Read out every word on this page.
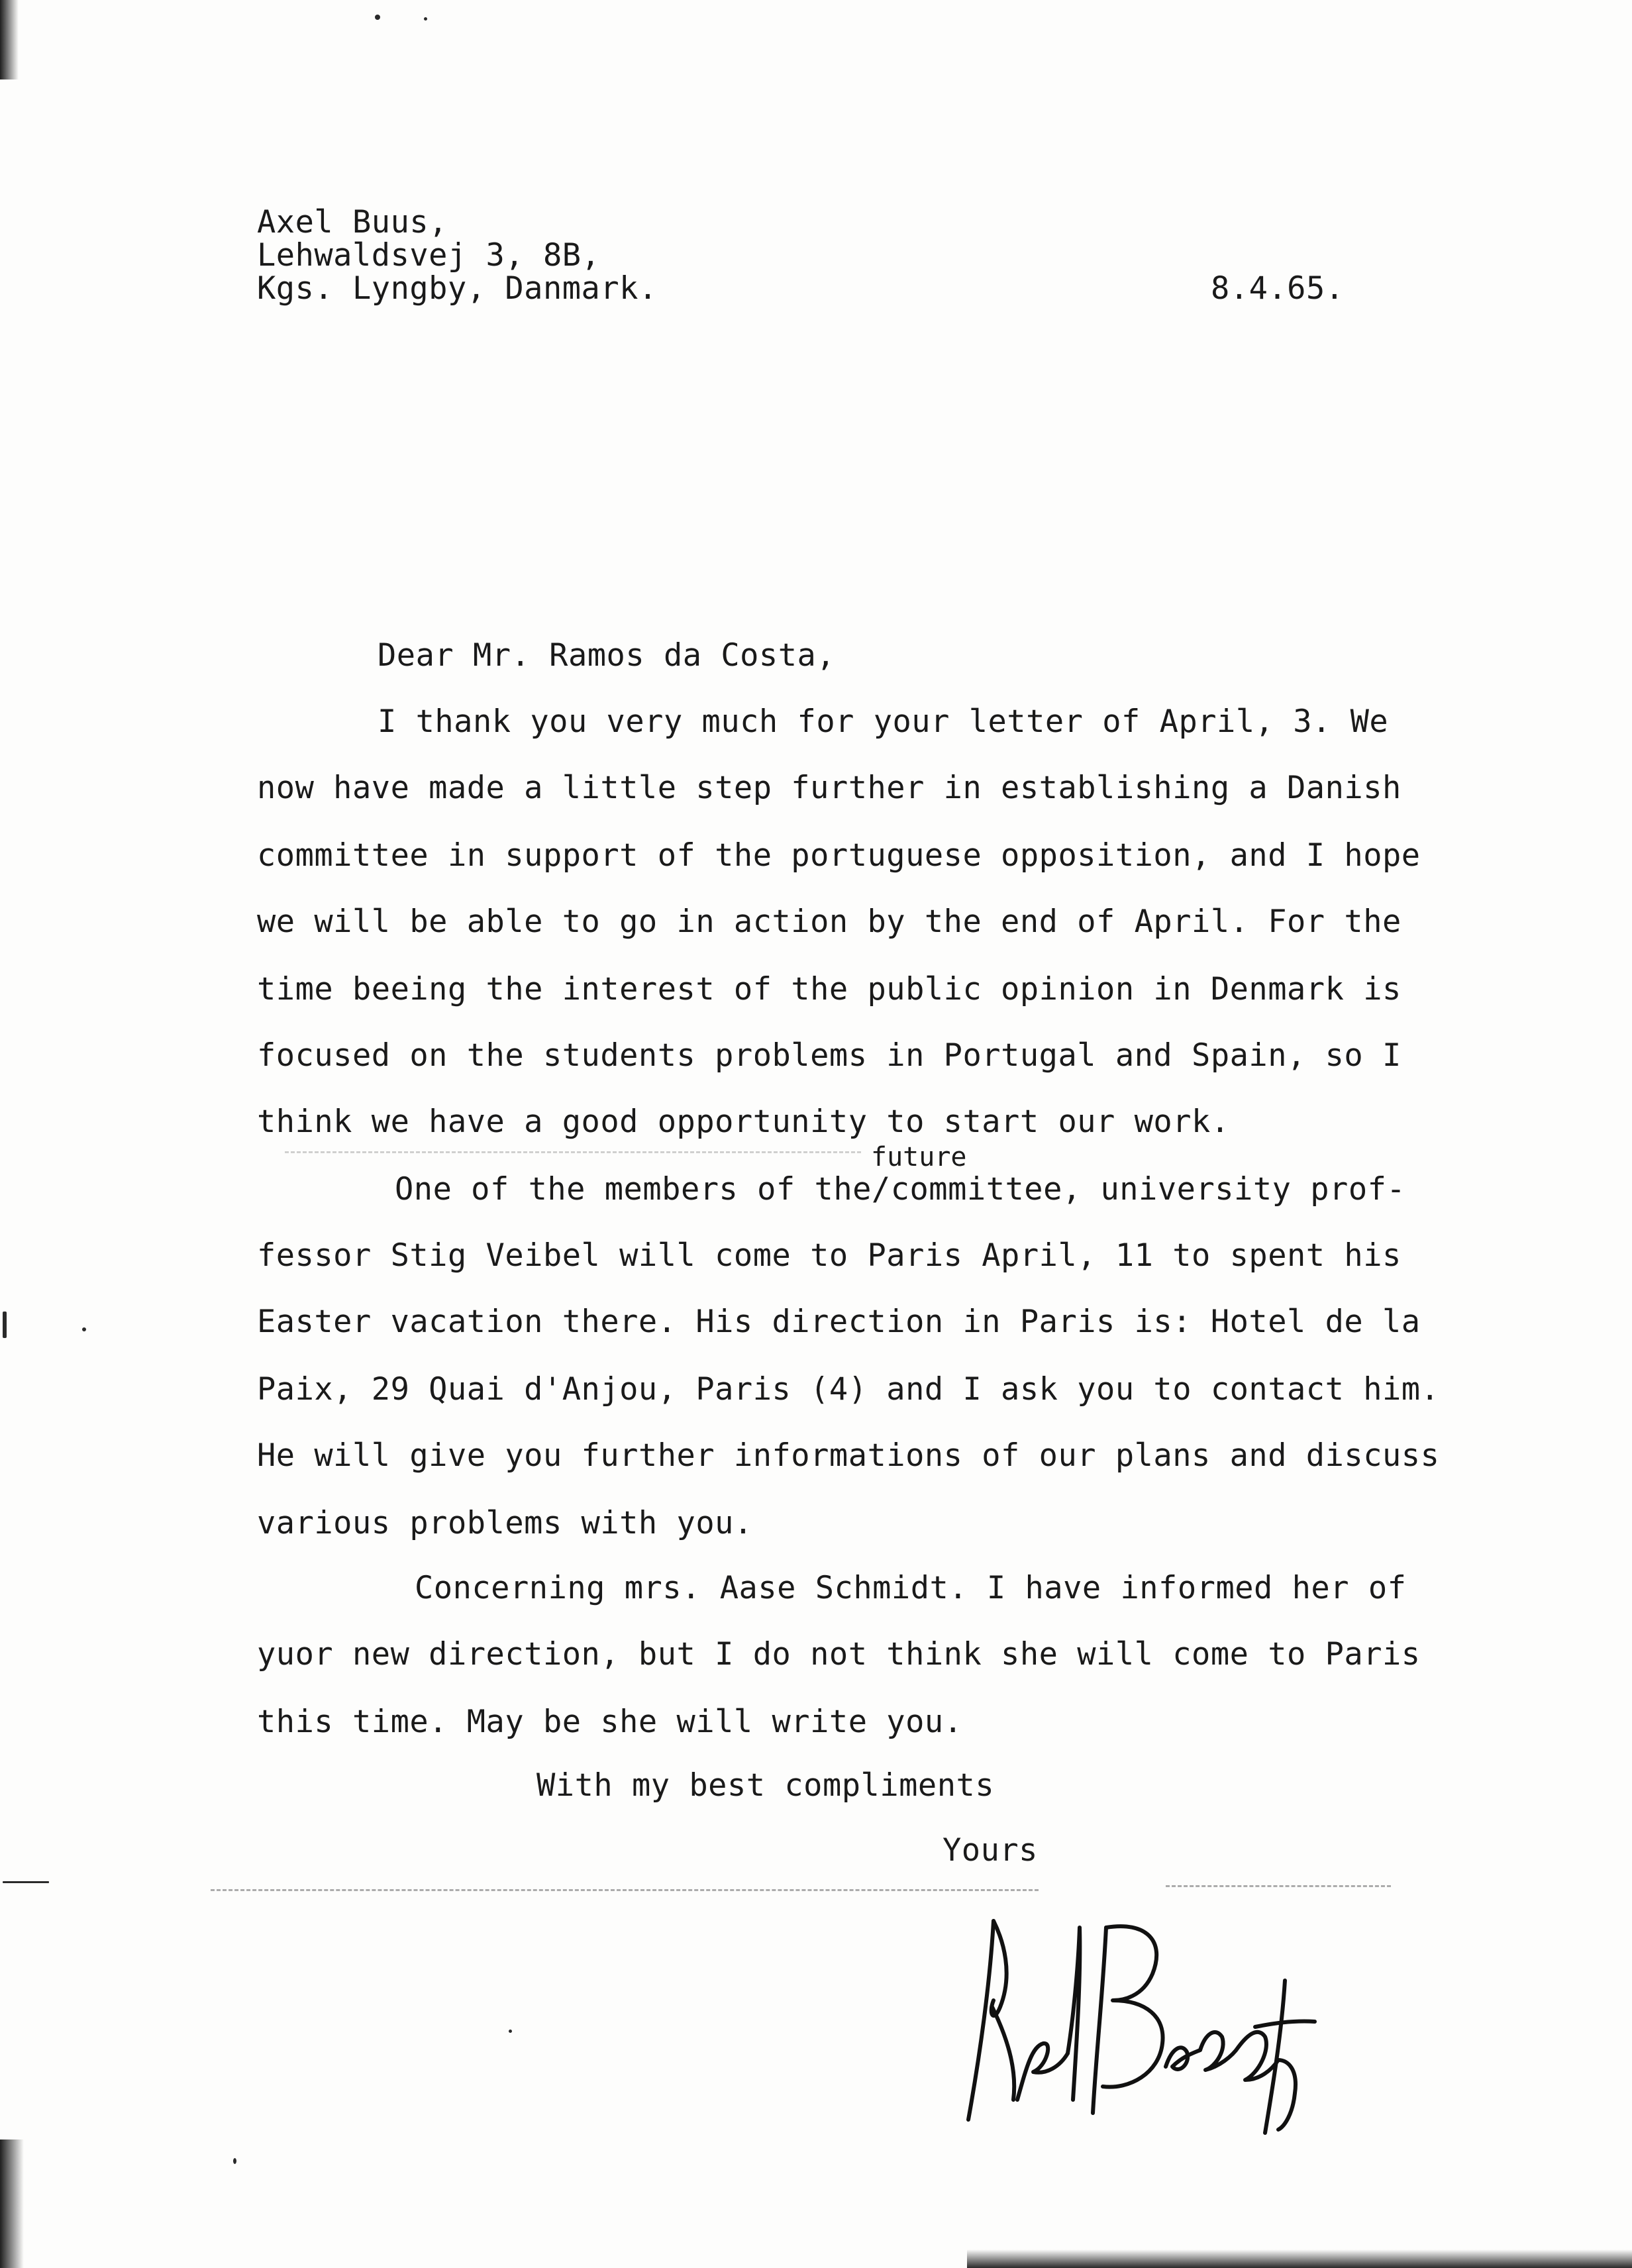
Axel Buus,
Lehwaldsvej 3, 8B,
Kgs. Lyngby, Danmark.	8.4.65.
Dear Mr. Ramos da Costa,
I thank you very much for your letter of April, 3. We
now have made a little step further in establishing a Danish
committee in support of the portuguese opposition, and I hope
we will be able to go in action by the end of April. For the
time beeing the interest of the public opinion in Denmark is
focused on the students problems in Portugal and Spain, so I
think we have a good opportunity to start our work.
future
One of the members of the/committee, university prof-
fessor Stig Veibel will come to Paris April, 11 to spent his
Easter vacation there. His direction in Paris is: Hotel de la
Paix, 29 Quai d'Anjou, Paris (4) and I ask you to contact him.
He will give you further informations of our plans and discuss
various problems with you.
Concerning mrs. Aase Schmidt. I have informed her of
yuor new direction, but I do not think she will come to Paris
this time. May be she will write you.
With my best compliments
Yours
